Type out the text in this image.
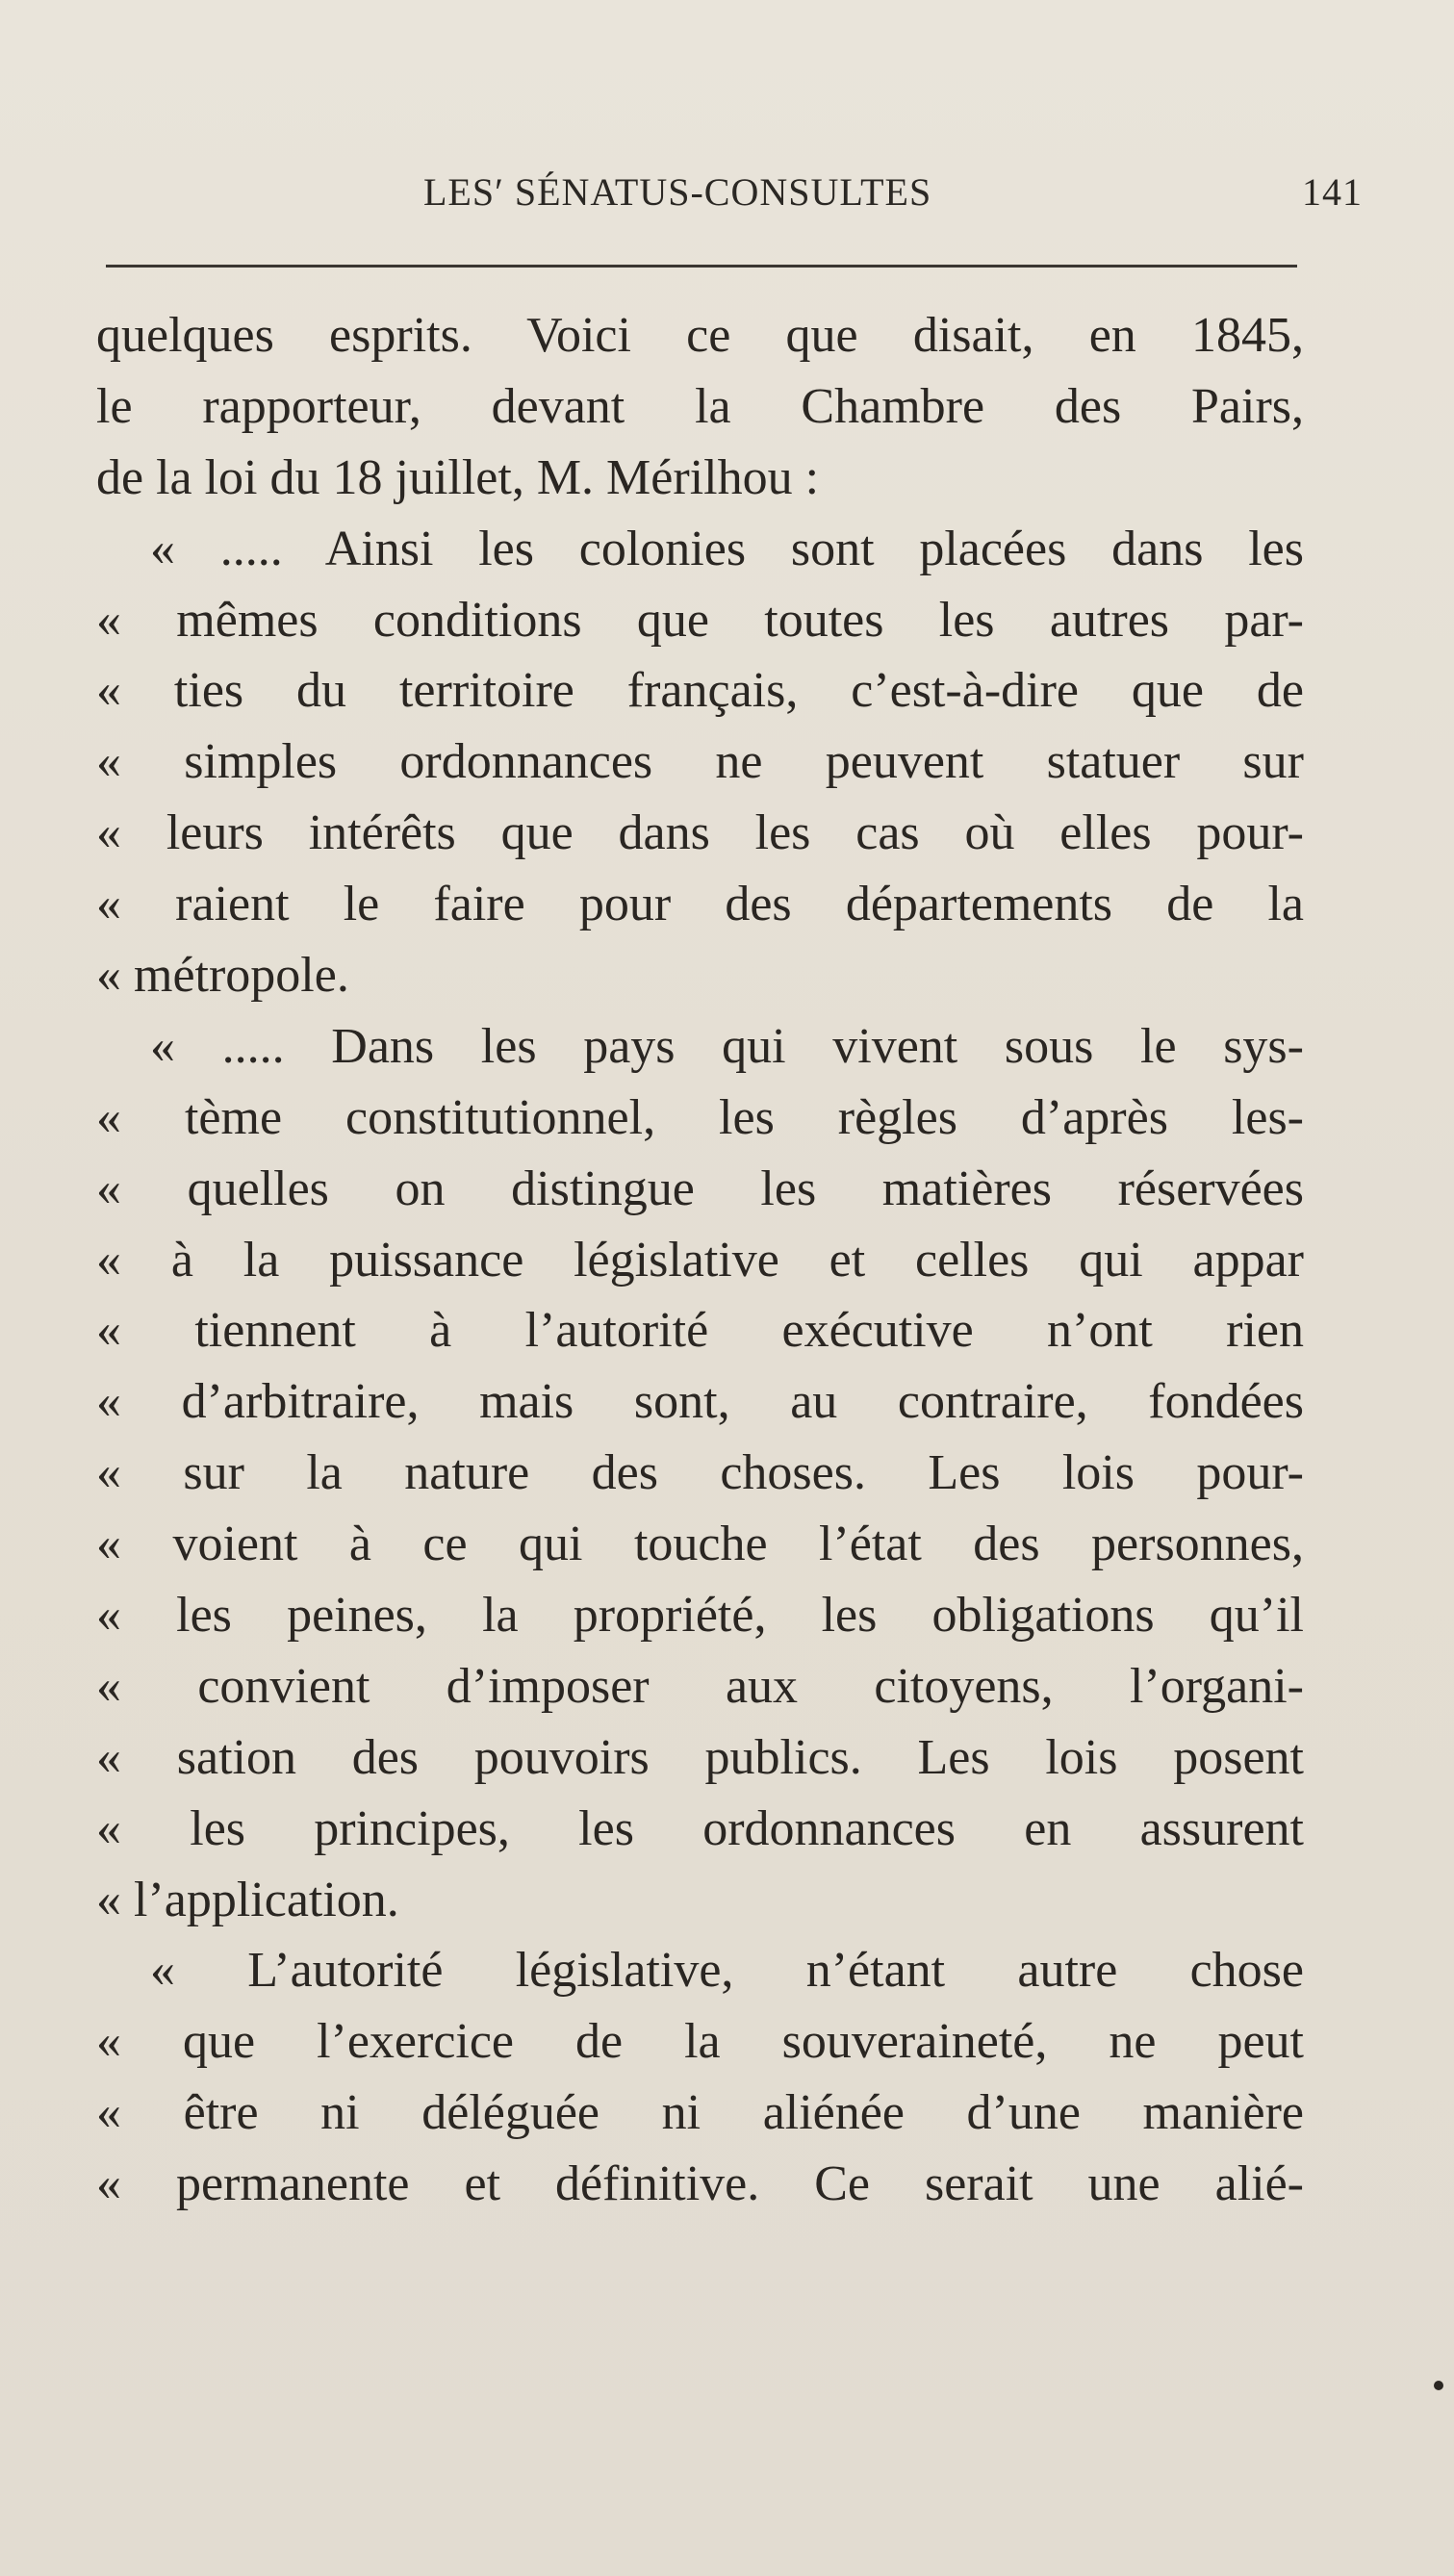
LESʹ SÉNATUS-CONSULTES	141
quelques esprits. Voici ce que disait, en 1845,
le rapporteur, devant la Chambre des Pairs,
de la loi du 18 juillet, M. Mérilhou :
« ..... Ainsi les colonies sont placées dans les
« mêmes conditions que toutes les autres par-
« ties du territoire français, c’est-à-dire que de
« simples ordonnances ne peuvent statuer sur
« leurs intérêts que dans les cas où elles pour-
« raient le faire pour des départements de la
« métropole.
« ..... Dans les pays qui vivent sous le sys-
« tème constitutionnel, les règles d’après les-
« quelles on distingue les matières réservées
« à la puissance législative et celles qui appar
« tiennent à l’autorité exécutive n’ont rien
« d’arbitraire, mais sont, au contraire, fondées
« sur la nature des choses. Les lois pour-
« voient à ce qui touche l’état des personnes,
« les peines, la propriété, les obligations qu’il
« convient d’imposer aux citoyens, l’organi-
« sation des pouvoirs publics. Les lois posent
« les principes, les ordonnances en assurent
« l’application.
« L’autorité législative, n’étant autre chose
« que l’exercice de la souveraineté, ne peut
« être ni déléguée ni aliénée d’une manière
« permanente et définitive. Ce serait une alié-
